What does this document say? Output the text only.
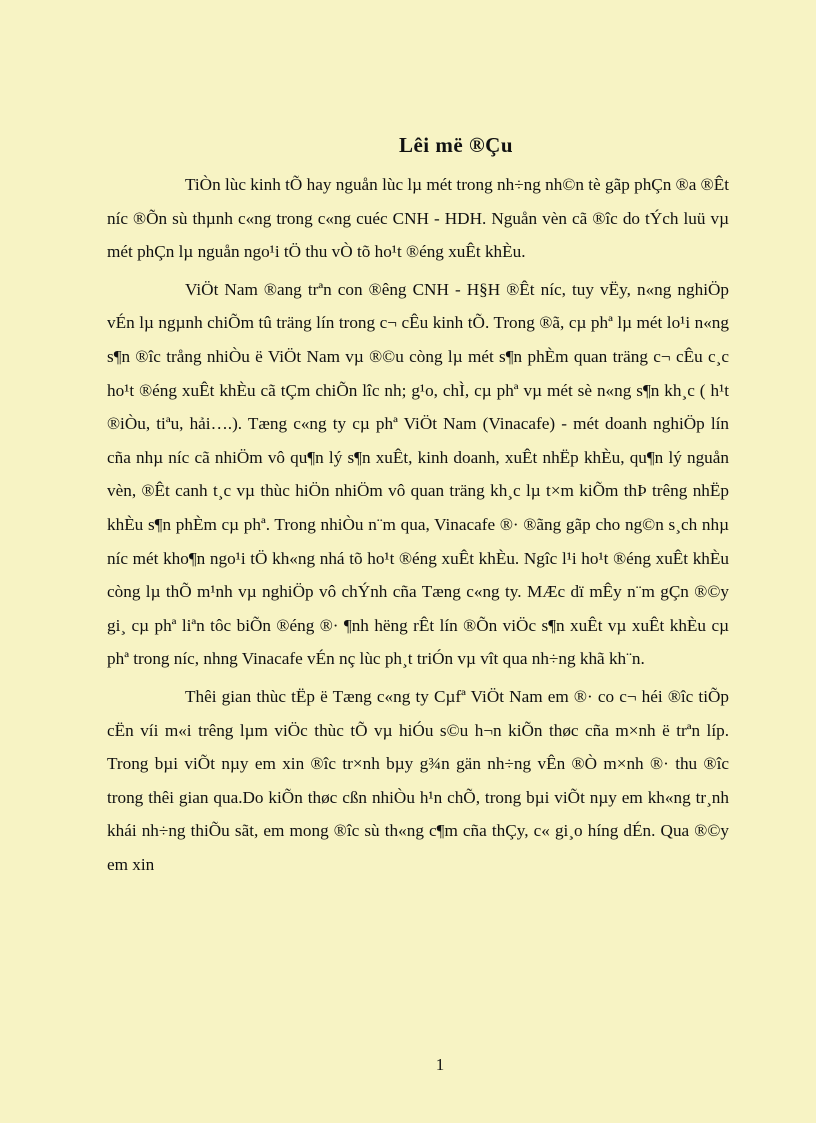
Lêi më ®Çu

TiÒn lùc kinh tÕ hay nguån lùc lµ mét trong nh÷ng nh©n tè gãp phÇn ®a ®Êt níc ®Õn sù thµnh c«ng trong c«ng cuéc CNH - HDH. Nguån vèn cã ®îc do tÝch luü vµ mét phÇn lµ nguån ngo¹i tÖ thu vÒ tõ ho¹t ®éng xuÊt khÈu.

ViÖt Nam ®ang trªn con ®êng CNH - H§H ®Êt níc, tuy vËy, n«ng nghiÖp vÉn lµ ngµnh chiÕm tû träng lín trong c¬ cÊu kinh tÕ. Trong ®ã, cµ phª lµ mét lo¹i n«ng s¶n ®îc trång nhiÒu ë ViÖt Nam vµ ®©u còng lµ mét s¶n phÈm quan träng c¬ cÊu c¸c ho¹t ®éng xuÊt khÈu cã tÇm chiÕn lîc nh; g¹o, chÌ, cµ phª vµ mét sè n«ng s¶n kh¸c ( h¹t ®iÒu, tiªu, hải….). Tæng c«ng ty cµ phª ViÖt Nam (Vinacafe) - mét doanh nghiÖp lín cña nhµ níc cã nhiÖm vô qu¶n lý s¶n xuÊt, kinh doanh, xuÊt nhËp khÈu, qu¶n lý nguån vèn, ®Êt canh t¸c vµ thùc hiÖn nhiÖm vô quan träng kh¸c lµ t×m kiÕm thÞ trêng nhËp khÈu s¶n phÈm cµ phª. Trong nhiÒu n¨m qua, Vinacafe ®· ®ãng gãp cho ng©n s¸ch nhµ níc mét kho¶n ngo¹i tÖ kh«ng nhá tõ ho¹t ®éng xuÊt khÈu. Ngîc l¹i ho¹t ®éng xuÊt khÈu còng lµ thÕ m¹nh vµ nghiÖp vô chÝnh cña Tæng c«ng ty. MÆc dï mÊy n¨m gÇn ®©y gi¸ cµ phª liªn tôc biÕn ®éng ®· ¶nh hëng rÊt lín ®Õn viÖc s¶n xuÊt vµ xuÊt khÈu cµ phª trong níc, nhng Vinacafe vÉn nç lùc ph¸t triÓn vµ vît qua nh÷ng khã kh¨n.

Thêi gian thùc tËp ë Tæng c«ng ty Cµfª ViÖt Nam em ®· co c¬ héi ®îc tiÕp cËn víi m«i trêng lµm viÖc thùc tÕ vµ hiÓu s©u h¬n kiÕn thøc cña m×nh ë trªn líp. Trong bµi viÕt nµy em xin ®îc tr×nh bµy g¾n gän nh÷ng vÊn ®Ò m×nh ®· thu ®îc trong thêi gian qua.Do kiÕn thøc cßn nhiÒu h¹n chÕ, trong bµi viÕt nµy em kh«ng tr¸nh khái nh÷ng thiÕu sãt, em mong ®îc sù th«ng c¶m cña thÇy, c« gi¸o híng dÉn. Qua ®©y em xin

1
